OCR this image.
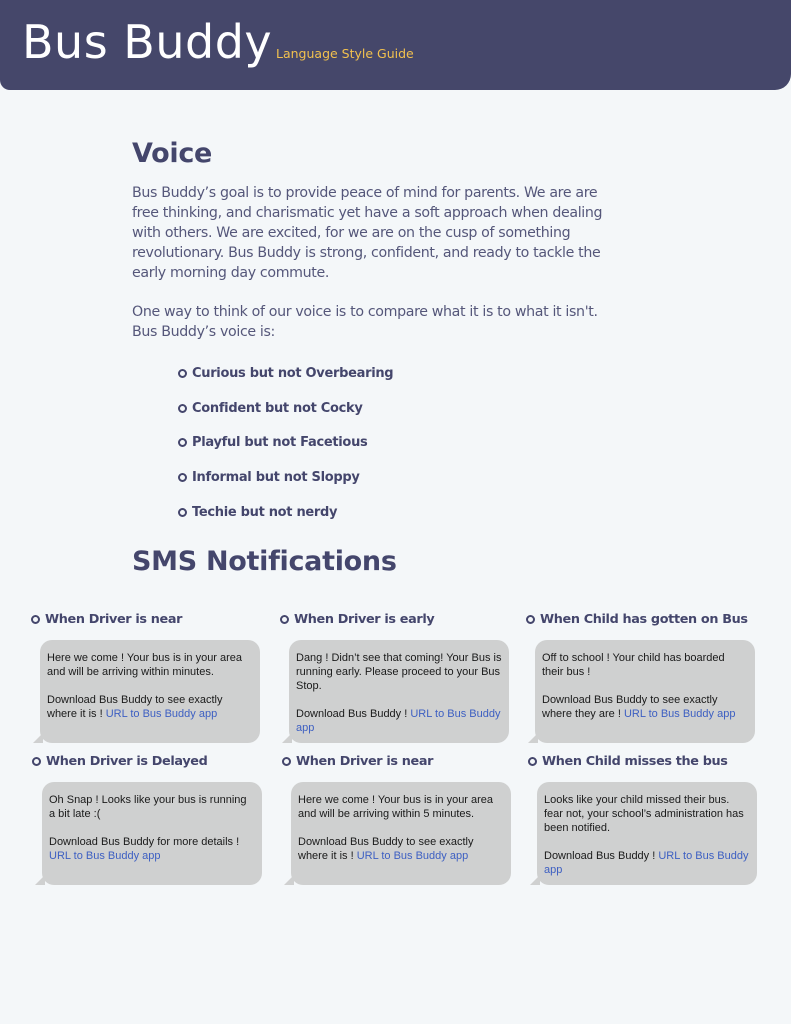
Bus Buddy Language Style Guide
Voice
Bus Buddy’s goal is to provide peace of mind for parents. We are are free thinking, and charismatic yet have a soft approach when dealing with others. We are excited, for we are on the cusp of something revolutionary. Bus Buddy is strong, confident, and ready to tackle the early morning day commute.
One way to think of our voice is to compare what it is to what it isn't. Bus Buddy’s voice is:
Curious but not Overbearing
Confident but not Cocky
Playful but not Facetious
Informal but not Sloppy
Techie but not nerdy
SMS Notifications
When Driver is near

Here we come ! Your bus is in your area and will be arriving within minutes.

Download Bus Buddy to see exactly where it is ! URL to Bus Buddy app

When Driver is early

Dang ! Didn’t see that coming! Your Bus is running early. Please proceed to your Bus Stop.

Download Bus Buddy ! URL to Bus Buddy app

When Child has gotten on Bus

Off to school ! Your child has boarded their bus !

Download Bus Buddy to see exactly where they are ! URL to Bus Buddy app

When Driver is Delayed

Oh Snap ! Looks like your bus is running a bit late :(

Download Bus Buddy for more details ! URL to Bus Buddy app

When Driver is near

Here we come ! Your bus is in your area and will be arriving within 5 minutes.

Download Bus Buddy to see exactly where it is ! URL to Bus Buddy app

When Child misses the bus

Looks like your child missed their bus. fear not, your school’s administration has been notified.

Download Bus Buddy ! URL to Bus Buddy app
